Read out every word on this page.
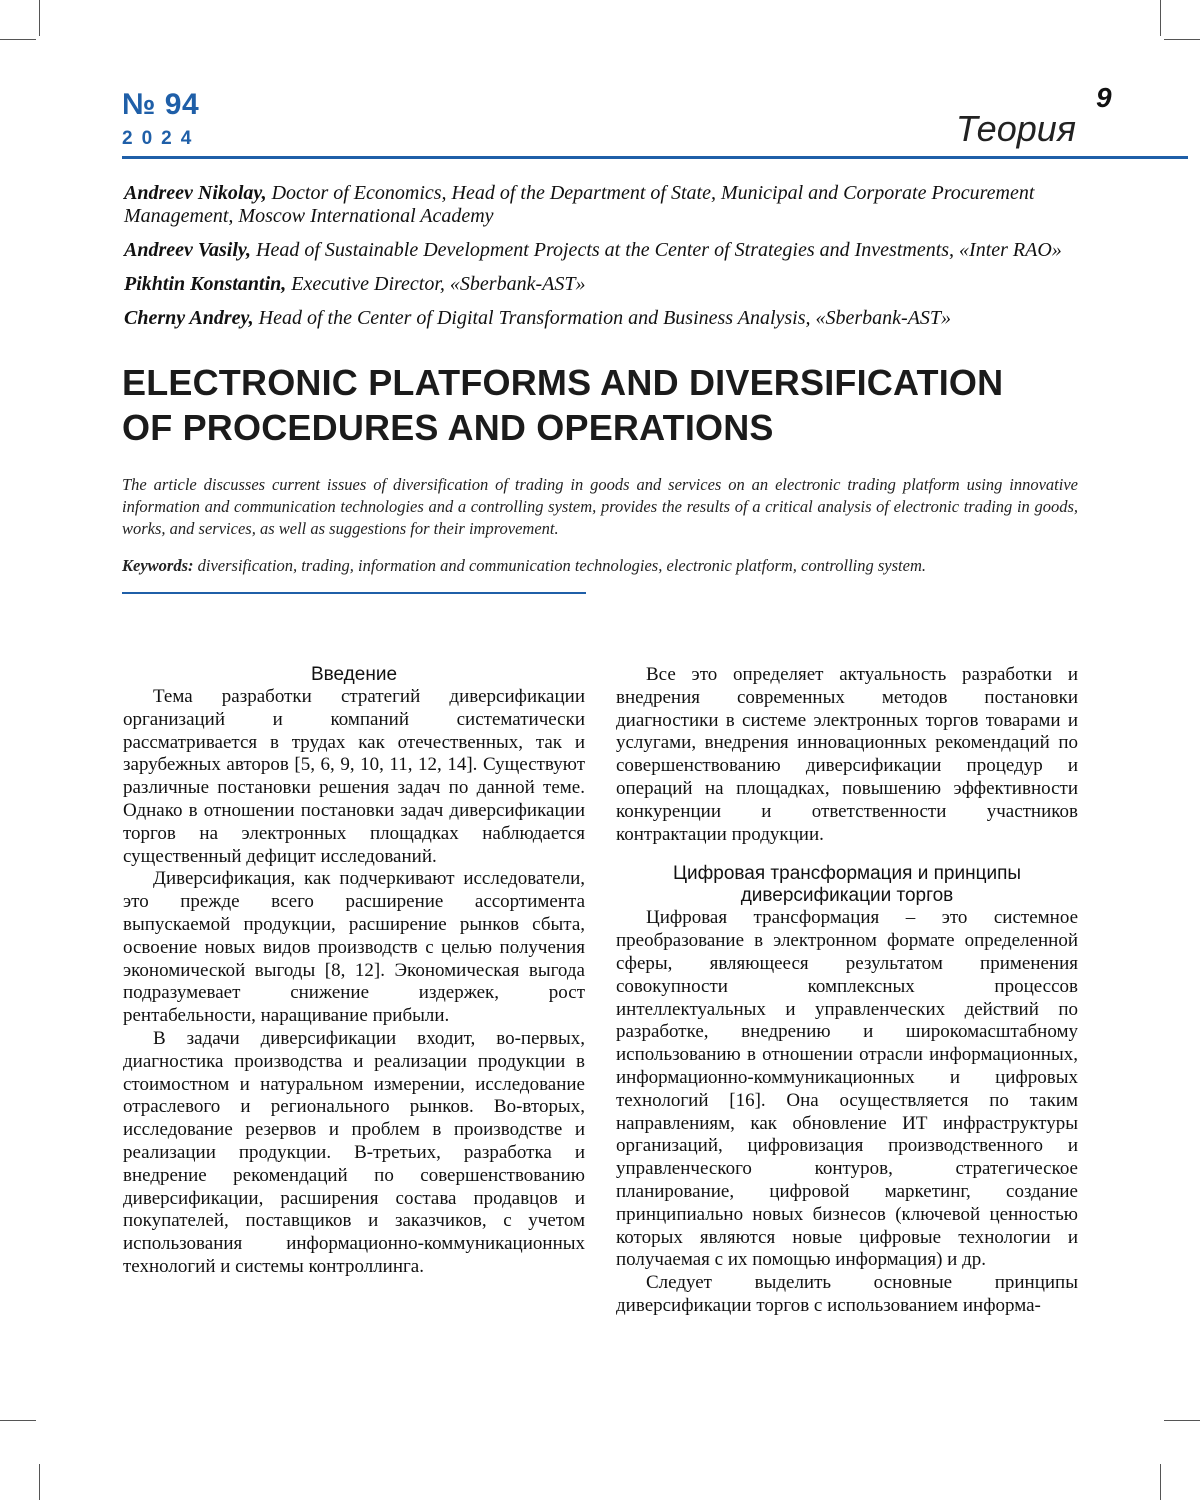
№ 94
2024
9
Теория
Andreev Nikolay, Doctor of Economics, Head of the Department of State, Municipal and Corporate Procurement Management, Moscow International Academy
Andreev Vasily, Head of Sustainable Development Projects at the Center of Strategies and Investments, «Inter RAO»
Pikhtin Konstantin, Executive Director, «Sberbank-AST»
Cherny Andrey, Head of the Center of Digital Transformation and Business Analysis, «Sberbank-AST»
ELECTRONIC PLATFORMS AND DIVERSIFICATION
OF PROCEDURES AND OPERATIONS
The article discusses current issues of diversification of trading in goods and services on an electronic trading platform using innovative information and communication technologies and a controlling system, provides the results of a critical analysis of electronic trading in goods, works, and services, as well as suggestions for their improvement.
Keywords: diversification, trading, information and communication technologies, electronic platform, controlling system.
Введение

Тема разработки стратегий диверсификации организаций и компаний систематически рассматривается в трудах как отечественных, так и зарубежных авторов [5, 6, 9, 10, 11, 12, 14]. Существуют различные постановки решения задач по данной теме. Однако в отношении постановки задач диверсификации торгов на электронных площадках наблюдается существенный дефицит исследований.

Диверсификация, как подчеркивают исследователи, это прежде всего расширение ассортимента выпускаемой продукции, расширение рынков сбыта, освоение новых видов производств с целью получения экономической выгоды [8, 12]. Экономическая выгода подразумевает снижение издержек, рост рентабельности, наращивание прибыли.

В задачи диверсификации входит, во-первых, диагностика производства и реализации продукции в стоимостном и натуральном измерении, исследование отраслевого и регионального рынков. Во-вторых, исследование резервов и проблем в производстве и реализации продукции. В-третьих, разработка и внедрение рекомендаций по совершенствованию диверсификации, расширения состава продавцов и покупателей, поставщиков и заказчиков, с учетом использования информационно-коммуникационных технологий и системы контроллинга.

Все это определяет актуальность разработки и внедрения современных методов постановки диагностики в системе электронных торгов товарами и услугами, внедрения инновационных рекомендаций по совершенствованию диверсификации процедур и операций на площадках, повышению эффективности конкуренции и ответственности участников контрактации продукции.

Цифровая трансформация и принципы
диверсификации торгов

Цифровая трансформация – это системное преобразование в электронном формате определенной сферы, являющееся результатом применения совокупности комплексных процессов интеллектуальных и управленческих действий по разработке, внедрению и широкомасштабному использованию в отношении отрасли информационных, информационно-коммуникационных и цифровых технологий [16]. Она осуществляется по таким направлениям, как обновление ИТ инфраструктуры организаций, цифровизация производственного и управленческого контуров, стратегическое планирование, цифровой маркетинг, создание принципиально новых бизнесов (ключевой ценностью которых являются новые цифровые технологии и получаемая с их помощью информация) и др.

Следует выделить основные принципы диверсификации торгов с использованием информа-
